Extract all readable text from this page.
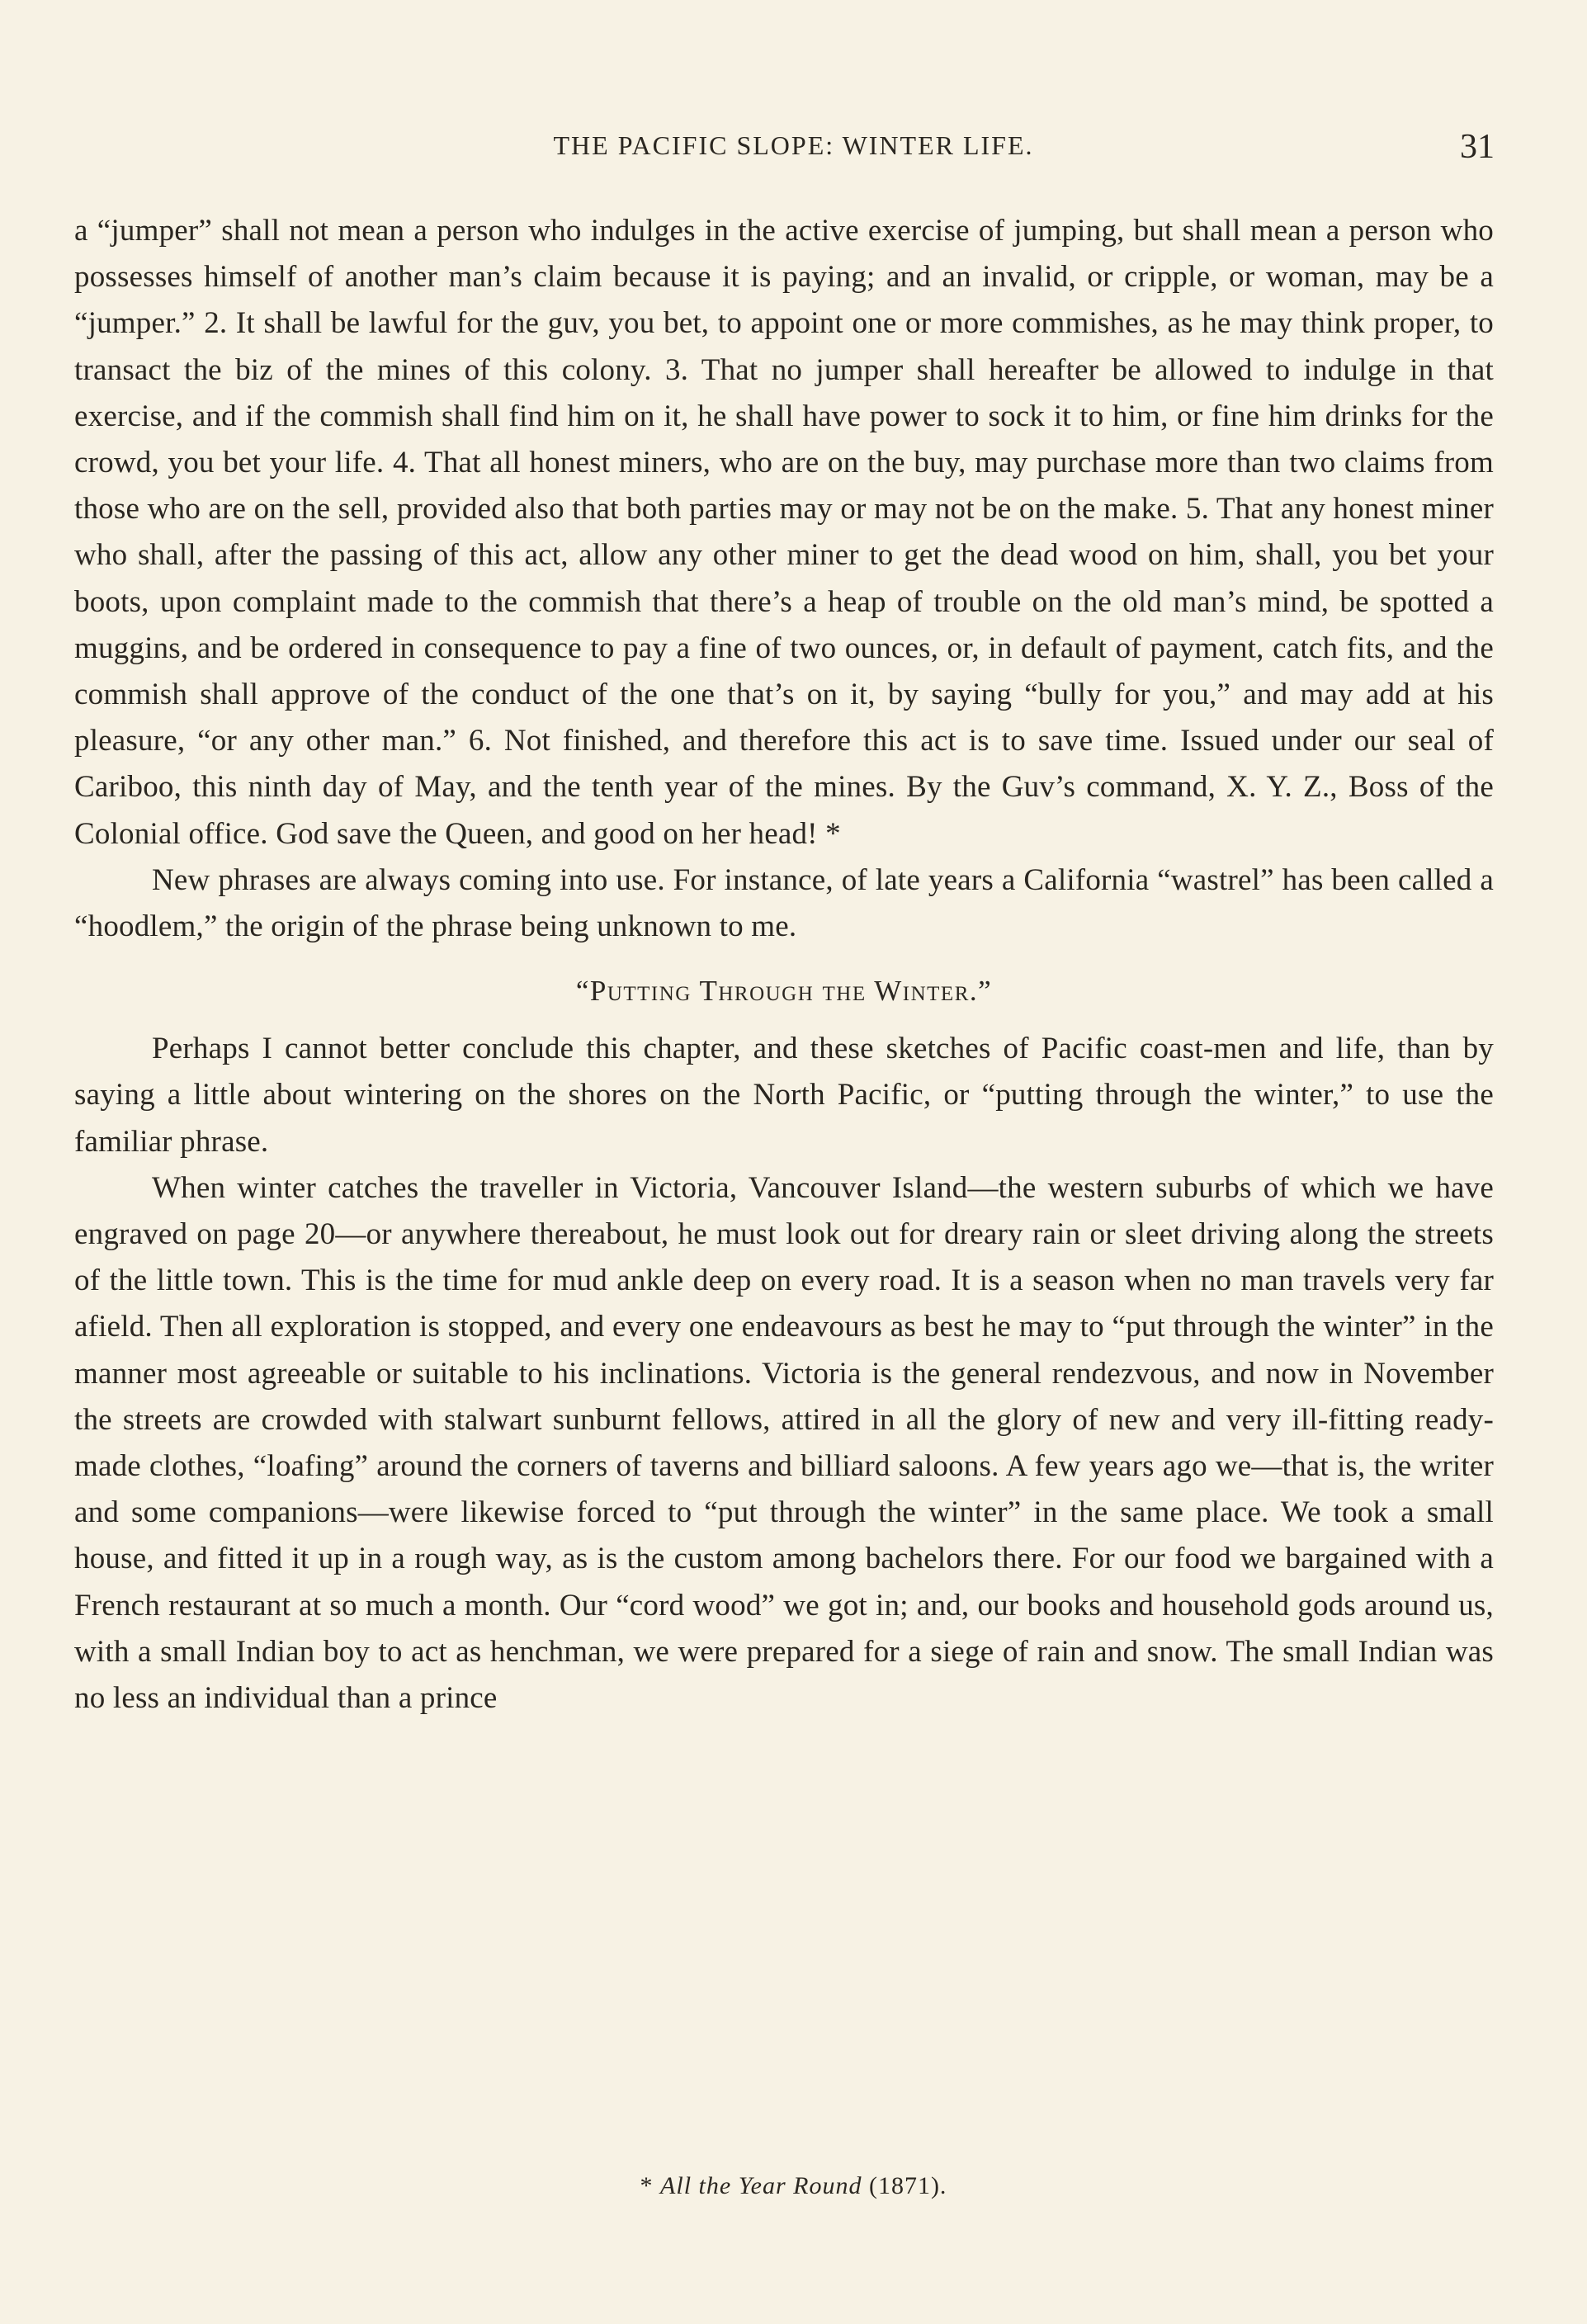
THE PACIFIC SLOPE: WINTER LIFE.	31

a “jumper” shall not mean a person who indulges in the active exercise of jumping, but shall mean a person who possesses himself of another man’s claim because it is paying; and an invalid, or cripple, or woman, may be a “jumper.” 2. It shall be lawful for the guv, you bet, to appoint one or more commishes, as he may think proper, to transact the biz of the mines of this colony. 3. That no jumper shall hereafter be allowed to indulge in that exercise, and if the commish shall find him on it, he shall have power to sock it to him, or fine him drinks for the crowd, you bet your life. 4. That all honest miners, who are on the buy, may purchase more than two claims from those who are on the sell, provided also that both parties may or may not be on the make. 5. That any honest miner who shall, after the passing of this act, allow any other miner to get the dead wood on him, shall, you bet your boots, upon complaint made to the commish that there’s a heap of trouble on the old man’s mind, be spotted a muggins, and be ordered in consequence to pay a fine of two ounces, or, in default of payment, catch fits, and the commish shall approve of the conduct of the one that’s on it, by saying “bully for you,” and may add at his pleasure, “or any other man.” 6. Not finished, and therefore this act is to save time. Issued under our seal of Cariboo, this ninth day of May, and the tenth year of the mines. By the Guv’s command, X. Y. Z., Boss of the Colonial office. God save the Queen, and good on her head! *

New phrases are always coming into use. For instance, of late years a California “wastrel” has been called a “hoodlem,” the origin of the phrase being unknown to me.

“Putting Through the Winter.”

Perhaps I cannot better conclude this chapter, and these sketches of Pacific coast-men and life, than by saying a little about wintering on the shores on the North Pacific, or “putting through the winter,” to use the familiar phrase.

When winter catches the traveller in Victoria, Vancouver Island—the western suburbs of which we have engraved on page 20—or anywhere thereabout, he must look out for dreary rain or sleet driving along the streets of the little town. This is the time for mud ankle deep on every road. It is a season when no man travels very far afield. Then all exploration is stopped, and every one endeavours as best he may to “put through the winter” in the manner most agreeable or suitable to his inclinations. Victoria is the general rendezvous, and now in November the streets are crowded with stalwart sunburnt fellows, attired in all the glory of new and very ill-fitting ready-made clothes, “loafing” around the corners of taverns and billiard saloons. A few years ago we—that is, the writer and some companions—were likewise forced to “put through the winter” in the same place. We took a small house, and fitted it up in a rough way, as is the custom among bachelors there. For our food we bargained with a French restaurant at so much a month. Our “cord wood” we got in; and, our books and household gods around us, with a small Indian boy to act as henchman, we were prepared for a siege of rain and snow. The small Indian was no less an individual than a prince

* All the Year Round (1871).
